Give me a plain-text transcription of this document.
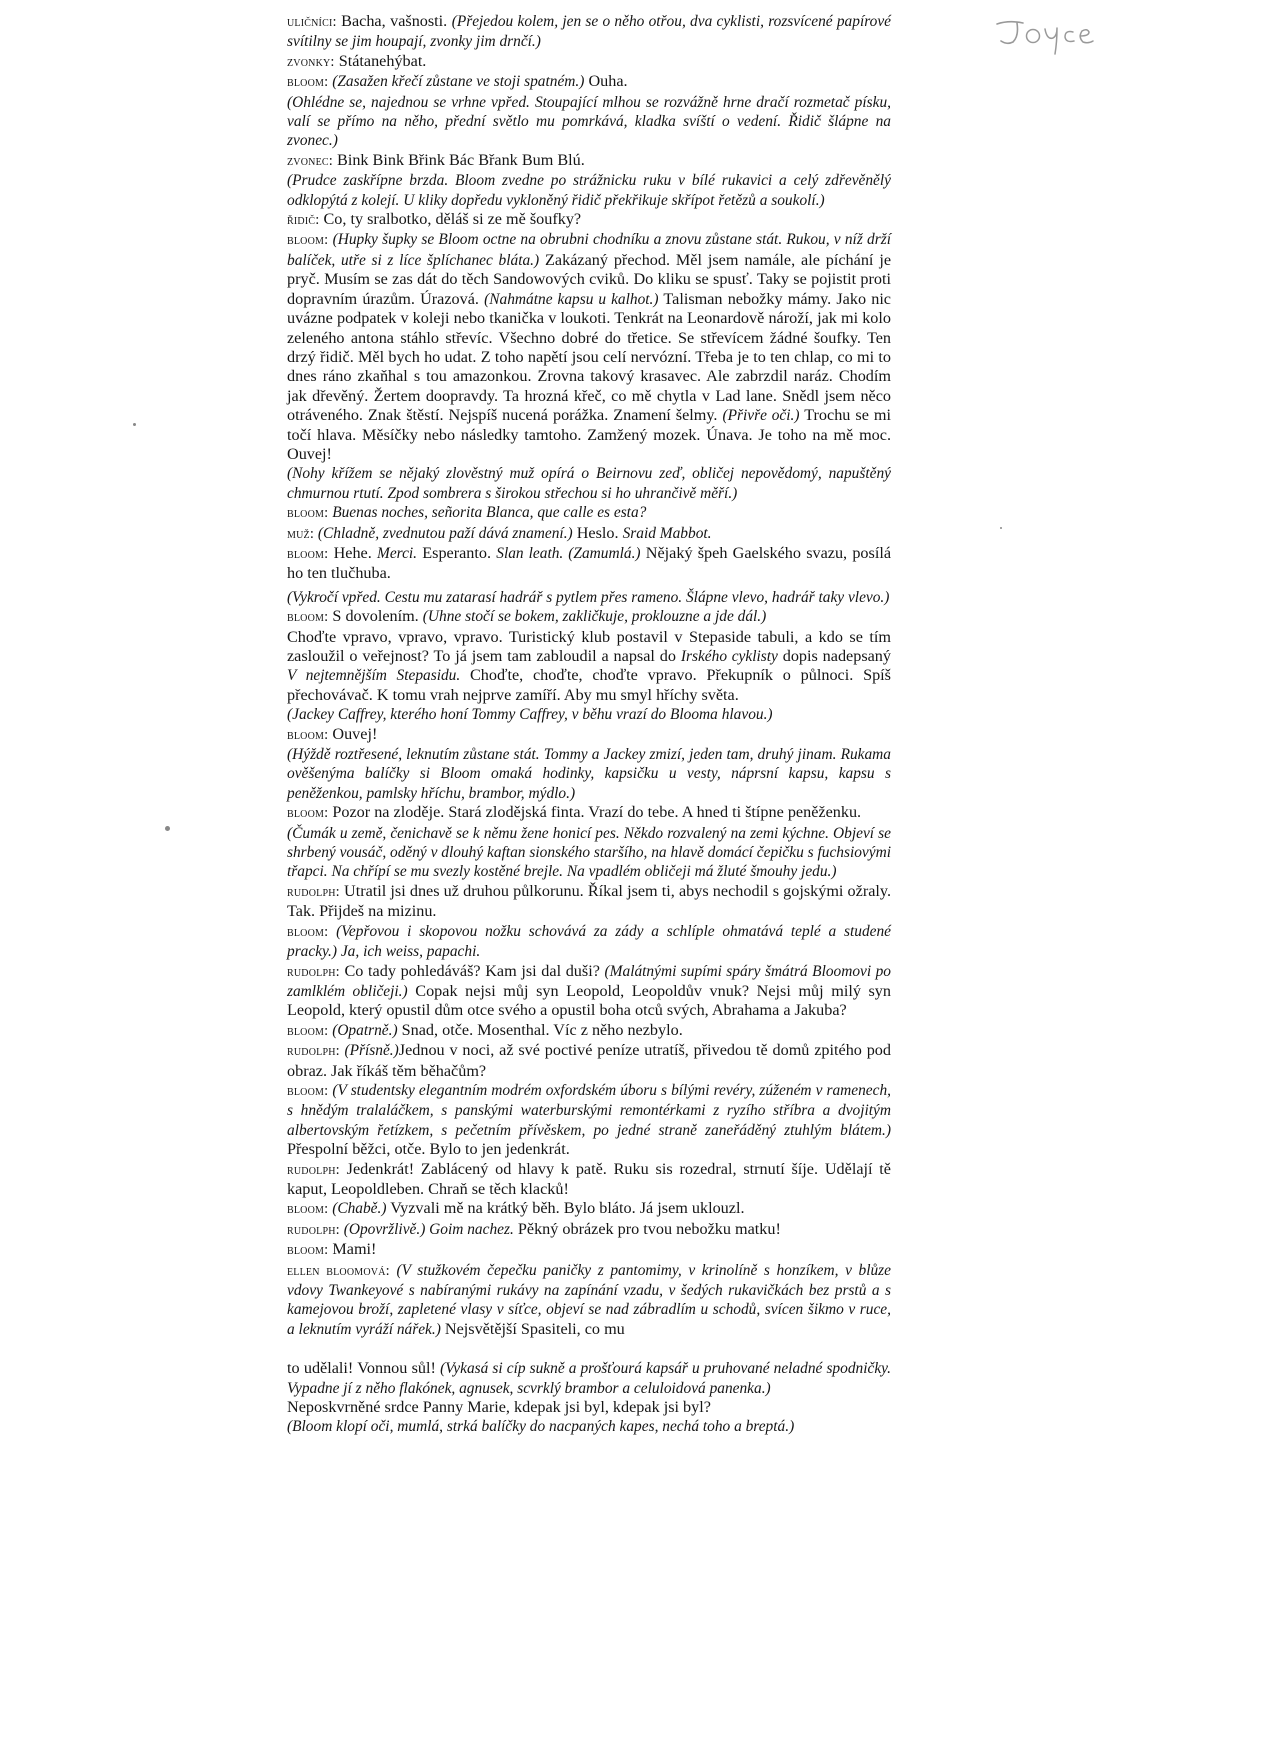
uličníci: Bacha, vašnosti. (Přejedou kolem, jen se o něho otřou, dva cyklisti, rozsvícené papírové svítilny se jim houpají, zvonky jim drnčí.)

zvonky: Státanehýbat.

bloom: (Zasažen křečí zůstane ve stoji spatném.) Ouha.

(Ohlédne se, najednou se vrhne vpřed. Stoupající mlhou se rozvážně hrne dračí rozmetač písku, valí se přímo na něho, přední světlo mu pomrkává, kladka svíští o vedení. Řidič šlápne na zvonec.)

zvonec: Bink Bink Břink Bác Břank Bum Blú.

(Prudce zaskřípne brzda. Bloom zvedne po strážnicku ruku v bílé rukavici a celý zdřevěnělý odklopýtá z kolejí. U kliky dopředu vykloněný řidič překřikuje skřípot řetězů a soukolí.)

řidič: Co, ty sralbotko, děláš si ze mě šoufky?

bloom: (Hupky šupky se Bloom octne na obrubni chodníku a znovu zůstane stát. Rukou, v níž drží balíček, utře si z líce šplíchanec bláta.) Zakázaný přechod. Měl jsem namále, ale píchání je pryč. Musím se zas dát do těch Sandowových cviků. Do kliku se spusť. Taky se pojistit proti dopravním úrazům. Úrazová. (Nahmátne kapsu u kalhot.) Talisman nebožky mámy. Jako nic uvázne podpatek v koleji nebo tkanička v loukoti. Tenkrát na Leonardově nároží, jak mi kolo zeleného antona stáhlo střevíc. Všechno dobré do třetice. Se střevícem žádné šoufky. Ten drzý řidič. Měl bych ho udat. Z toho napětí jsou celí nervózní. Třeba je to ten chlap, co mi to dnes ráno zkaňhal s tou amazonkou. Zrovna takový krasavec. Ale zabrzdil naráz. Chodím jak dřevěný. Žertem doopravdy. Ta hrozná křeč, co mě chytla v Lad lane. Snědl jsem něco otráveného. Znak štěstí. Nejspíš nucená porážka. Znamení šelmy. (Přivře oči.) Trochu se mi točí hlava. Měsíčky nebo následky tamtoho. Zamžený mozek. Únava. Je toho na mě moc. Ouvej!

(Nohy křížem se nějaký zlověstný muž opírá o Beirnovu zeď, obličej nepovědomý, napuštěný chmurnou rtutí. Zpod sombrera s širokou střechou si ho uhrančivě měří.)

bloom: Buenas noches, señorita Blanca, que calle es esta?

muž: (Chladně, zvednutou paží dává znamení.) Heslo. Sraid Mabbot.

bloom: Hehe. Merci. Esperanto. Slan leath. (Zamumlá.) Nějaký špeh Gaelského svazu, posílá ho ten tlučhuba.

(Vykročí vpřed. Cestu mu zatarasí hadrář s pytlem přes rameno. Šlápne vlevo, hadrář taky vlevo.)

bloom: S dovolením. (Uhne stočí se bokem, zakličkuje, proklouzne a jde dál.)

Choďte vpravo, vpravo, vpravo. Turistický klub postavil v Stepaside tabuli, a kdo se tím zasloužil o veřejnost? To já jsem tam zabloudil a napsal do Irského cyklisty dopis nadepsaný V nejtemnějším Stepasidu. Choďte, choďte, choďte vpravo. Překupník o půlnoci. Spíš přechovávač. K tomu vrah nejprve zamíří. Aby mu smyl hříchy světa.

(Jackey Caffrey, kterého honí Tommy Caffrey, v běhu vrazí do Blooma hlavou.)

bloom: Ouvej!

(Hýždě roztřesené, leknutím zůstane stát. Tommy a Jackey zmizí, jeden tam, druhý jinam. Rukama ověšenýma balíčky si Bloom omaká hodinky, kapsičku u vesty, náprsní kapsu, kapsu s peněženkou, pamlsky hříchu, brambor, mýdlo.)

bloom: Pozor na zloděje. Stará zlodějská finta. Vrazí do tebe. A hned ti štípne peněženku.

(Čumák u země, čenichavě se k němu žene honicí pes. Někdo rozvalený na zemi kýchne. Objeví se shrbený vousáč, oděný v dlouhý kaftan sionského staršího, na hlavě domácí čepičku s fuchsiovými třapci. Na chřípí se mu svezly kostěné brejle. Na vpadlém obličeji má žluté šmouhy jedu.)

rudolph: Utratil jsi dnes už druhou půlkorunu. Říkal jsem ti, abys nechodil s gojskými ožraly. Tak. Přijdeš na mizinu.

bloom: (Vepřovou i skopovou nožku schovává za zády a schlíple ohmatává teplé a studené pracky.) Ja, ich weiss, papachi.

rudolph: Co tady pohledáváš? Kam jsi dal duši? (Malátnými supími spáry šmátrá Bloomovi po zamlklém obličeji.) Copak nejsi můj syn Leopold, Leopoldův vnuk? Nejsi můj milý syn Leopold, který opustil dům otce svého a opustil boha otců svých, Abrahama a Jakuba?

bloom: (Opatrně.) Snad, otče. Mosenthal. Víc z něho nezbylo.

rudolph: (Přísně.)Jednou v noci, až své poctivé peníze utratíš, přivedou tě domů zpitého pod obraz. Jak říkáš těm běhačům?

bloom: (V studentsky elegantním modrém oxfordském úboru s bílými revéry, zúženém v ramenech, s hnědým tralaláčkem, s panskými waterburskými remontérkami z ryzího stříbra a dvojitým albertovským řetízkem, s pečetním přívěskem, po jedné straně zaneřáděný ztuhlým blátem.) Přespolní běžci, otče. Bylo to jen jedenkrát.

rudolph: Jedenkrát! Zablácený od hlavy k patě. Ruku sis rozedral, strnutí šíje. Udělají tě kaput, Leopoldleben. Chraň se těch klacků!

bloom: (Chabě.) Vyzvali mě na krátký běh. Bylo bláto. Já jsem uklouzl.

rudolph: (Opovržlivě.) Goim nachez. Pěkný obrázek pro tvou nebožku matku!

bloom: Mami!

ellen bloomová: (V stužkovém čepečku paničky z pantomimy, v krinolíně s honzíkem, v blůze vdovy Twankeyové s nabíranými rukávy na zapínání vzadu, v šedých rukavičkách bez prstů a s kamejovou broží, zapletené vlasy v síťce, objeví se nad zábradlím u schodů, svícen šikmo v ruce, a leknutím vyráží nářek.) Nejsvětější Spasiteli, co mu

to udělali! Vonnou sůl! (Vykasá si cíp sukně a prošťourá kapsář u pruhované neladné spodničky. Vypadne jí z něho flakónek, agnusek, scvrklý brambor a celuloidová panenka.)

Neposkvrněné srdce Panny Marie, kdepak jsi byl, kdepak jsi byl?

(Bloom klopí oči, mumlá, strká balíčky do nacpaných kapes, nechá toho a breptá.)
